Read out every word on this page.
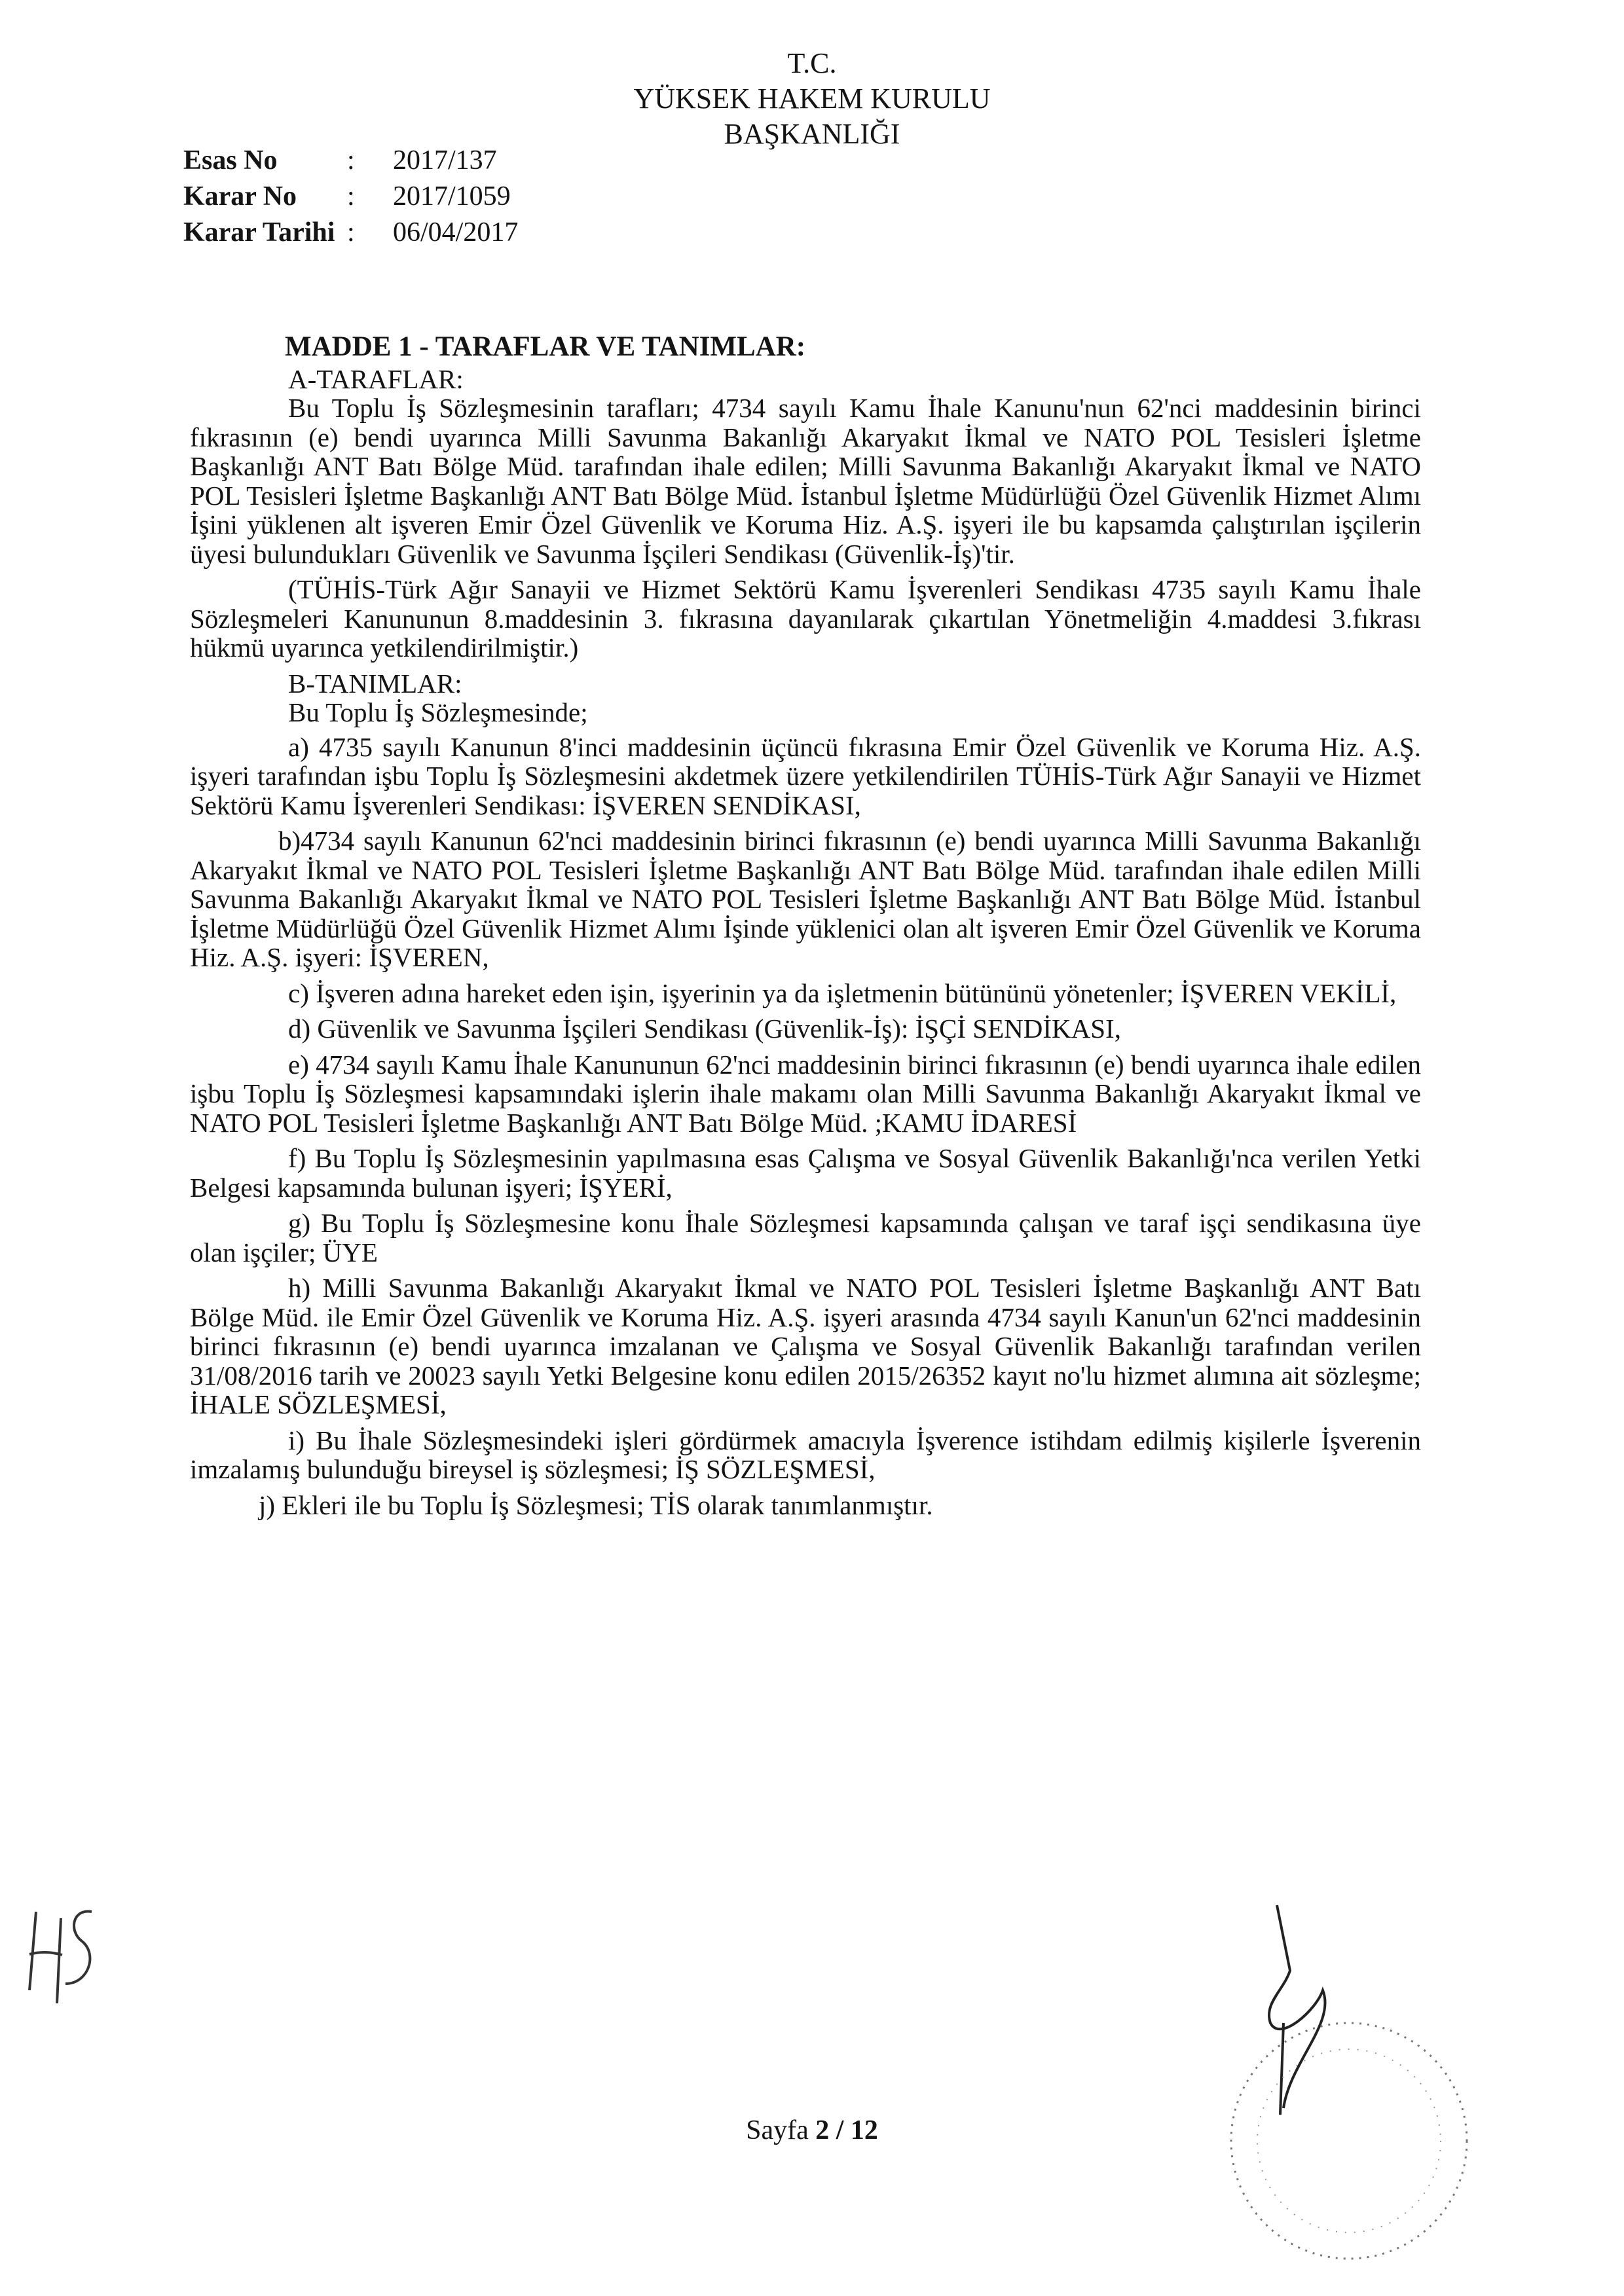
T.C.
YÜKSEK HAKEM KURULU
BAŞKANLIĞI
Esas No	:	2017/137
Karar No	:	2017/1059
Karar Tarihi :	06/04/2017
MADDE 1 - TARAFLAR VE TANIMLAR:
A-TARAFLAR:

Bu Toplu İş Sözleşmesinin tarafları; 4734 sayılı Kamu İhale Kanunu'nun 62'nci maddesinin birinci fıkrasının (e) bendi uyarınca Milli Savunma Bakanlığı Akaryakıt İkmal ve NATO POL Tesisleri İşletme Başkanlığı ANT Batı Bölge Müd. tarafından ihale edilen; Milli Savunma Bakanlığı Akaryakıt İkmal ve NATO POL Tesisleri İşletme Başkanlığı ANT Batı Bölge Müd. İstanbul İşletme Müdürlüğü Özel Güvenlik Hizmet Alımı İşini yüklenen alt işveren Emir Özel Güvenlik ve Koruma Hiz. A.Ş. işyeri ile bu kapsamda çalıştırılan işçilerin üyesi bulundukları Güvenlik ve Savunma İşçileri Sendikası (Güvenlik-İş)'tir.

(TÜHİS-Türk Ağır Sanayii ve Hizmet Sektörü Kamu İşverenleri Sendikası 4735 sayılı Kamu İhale Sözleşmeleri Kanununun 8.maddesinin 3. fıkrasına dayanılarak çıkartılan Yönetmeliğin 4.maddesi 3.fıkrası hükmü uyarınca yetkilendirilmiştir.)

B-TANIMLAR:
Bu Toplu İş Sözleşmesinde;

a) 4735 sayılı Kanunun 8'inci maddesinin üçüncü fıkrasına Emir Özel Güvenlik ve Koruma Hiz. A.Ş. işyeri tarafından işbu Toplu İş Sözleşmesini akdetmek üzere yetkilendirilen TÜHİS-Türk Ağır Sanayii ve Hizmet Sektörü Kamu İşverenleri Sendikası: İŞVEREN SENDİKASI,

b)4734 sayılı Kanunun 62'nci maddesinin birinci fıkrasının (e) bendi uyarınca Milli Savunma Bakanlığı Akaryakıt İkmal ve NATO POL Tesisleri İşletme Başkanlığı ANT Batı Bölge Müd. tarafından ihale edilen Milli Savunma Bakanlığı Akaryakıt İkmal ve NATO POL Tesisleri İşletme Başkanlığı ANT Batı Bölge Müd. İstanbul İşletme Müdürlüğü Özel Güvenlik Hizmet Alımı İşinde yüklenici olan alt işveren Emir Özel Güvenlik ve Koruma Hiz. A.Ş. işyeri: İŞVEREN,

c) İşveren adına hareket eden işin, işyerinin ya da işletmenin bütününü yönetenler; İŞVEREN VEKİLİ,

d) Güvenlik ve Savunma İşçileri Sendikası (Güvenlik-İş): İŞÇİ SENDİKASI,

e) 4734 sayılı Kamu İhale Kanununun 62'nci maddesinin birinci fıkrasının (e) bendi uyarınca ihale edilen işbu Toplu İş Sözleşmesi kapsamındaki işlerin ihale makamı olan Milli Savunma Bakanlığı Akaryakıt İkmal ve NATO POL Tesisleri İşletme Başkanlığı ANT Batı Bölge Müd. ;KAMU İDARESİ

f) Bu Toplu İş Sözleşmesinin yapılmasına esas Çalışma ve Sosyal Güvenlik Bakanlığı'nca verilen Yetki Belgesi kapsamında bulunan işyeri; İŞYERİ,

g) Bu Toplu İş Sözleşmesine konu İhale Sözleşmesi kapsamında çalışan ve taraf işçi sendikasına üye olan işçiler; ÜYE

h) Milli Savunma Bakanlığı Akaryakıt İkmal ve NATO POL Tesisleri İşletme Başkanlığı ANT Batı Bölge Müd. ile Emir Özel Güvenlik ve Koruma Hiz. A.Ş. işyeri arasında 4734 sayılı Kanun'un 62'nci maddesinin birinci fıkrasının (e) bendi uyarınca imzalanan ve Çalışma ve Sosyal Güvenlik Bakanlığı tarafından verilen 31/08/2016 tarih ve 20023 sayılı Yetki Belgesine konu edilen 2015/26352 kayıt no'lu hizmet alımına ait sözleşme; İHALE SÖZLEŞMESİ,

i) Bu İhale Sözleşmesindeki işleri gördürmek amacıyla İşverence istihdam edilmiş kişilerle İşverenin imzalamış bulunduğu bireysel iş sözleşmesi; İŞ SÖZLEŞMESİ,

j) Ekleri ile bu Toplu İş Sözleşmesi; TİS olarak tanımlanmıştır.

Sayfa 2 / 12
